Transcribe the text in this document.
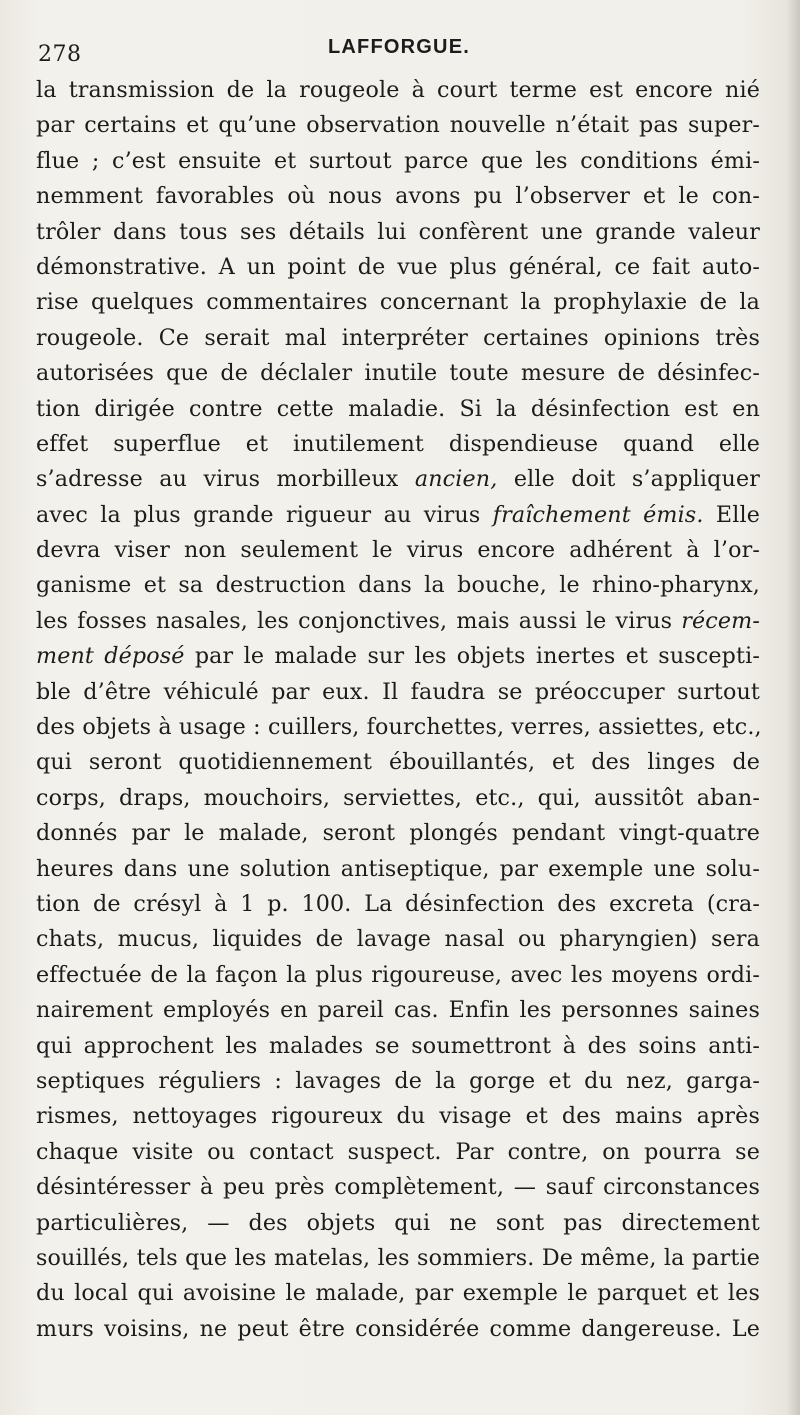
278	LAFFORGUE.
la transmission de la rougeole à court terme est encore nié
par certains et qu’une observation nouvelle n’était pas super-
flue ; c’est ensuite et surtout parce que les conditions émi-
nemment favorables où nous avons pu l’observer et le con-
trôler dans tous ses détails lui confèrent une grande valeur
démonstrative. A un point de vue plus général, ce fait auto-
rise quelques commentaires concernant la prophylaxie de la
rougeole. Ce serait mal interpréter certaines opinions très
autorisées que de déclaler inutile toute mesure de désinfec-
tion dirigée contre cette maladie. Si la désinfection est en
effet superflue et inutilement dispendieuse quand elle
s’adresse au virus morbilleux ancien, elle doit s’appliquer
avec la plus grande rigueur au virus fraîchement émis. Elle
devra viser non seulement le virus encore adhérent à l’or-
ganisme et sa destruction dans la bouche, le rhino-pharynx,
les fosses nasales, les conjonctives, mais aussi le virus récem-
ment déposé par le malade sur les objets inertes et suscepti-
ble d’être véhiculé par eux. Il faudra se préoccuper surtout
des objets à usage : cuillers, fourchettes, verres, assiettes, etc.,
qui seront quotidiennement ébouillantés, et des linges de
corps, draps, mouchoirs, serviettes, etc., qui, aussitôt aban-
donnés par le malade, seront plongés pendant vingt-quatre
heures dans une solution antiseptique, par exemple une solu-
tion de crésyl à 1 p. 100. La désinfection des excreta (cra-
chats, mucus, liquides de lavage nasal ou pharyngien) sera
effectuée de la façon la plus rigoureuse, avec les moyens ordi-
nairement employés en pareil cas. Enfin les personnes saines
qui approchent les malades se soumettront à des soins anti-
septiques réguliers : lavages de la gorge et du nez, garga-
rismes, nettoyages rigoureux du visage et des mains après
chaque visite ou contact suspect. Par contre, on pourra se
désintéresser à peu près complètement, — sauf circonstances
particulières, — des objets qui ne sont pas directement
souillés, tels que les matelas, les sommiers. De même, la partie
du local qui avoisine le malade, par exemple le parquet et les
murs voisins, ne peut être considérée comme dangereuse. Le
